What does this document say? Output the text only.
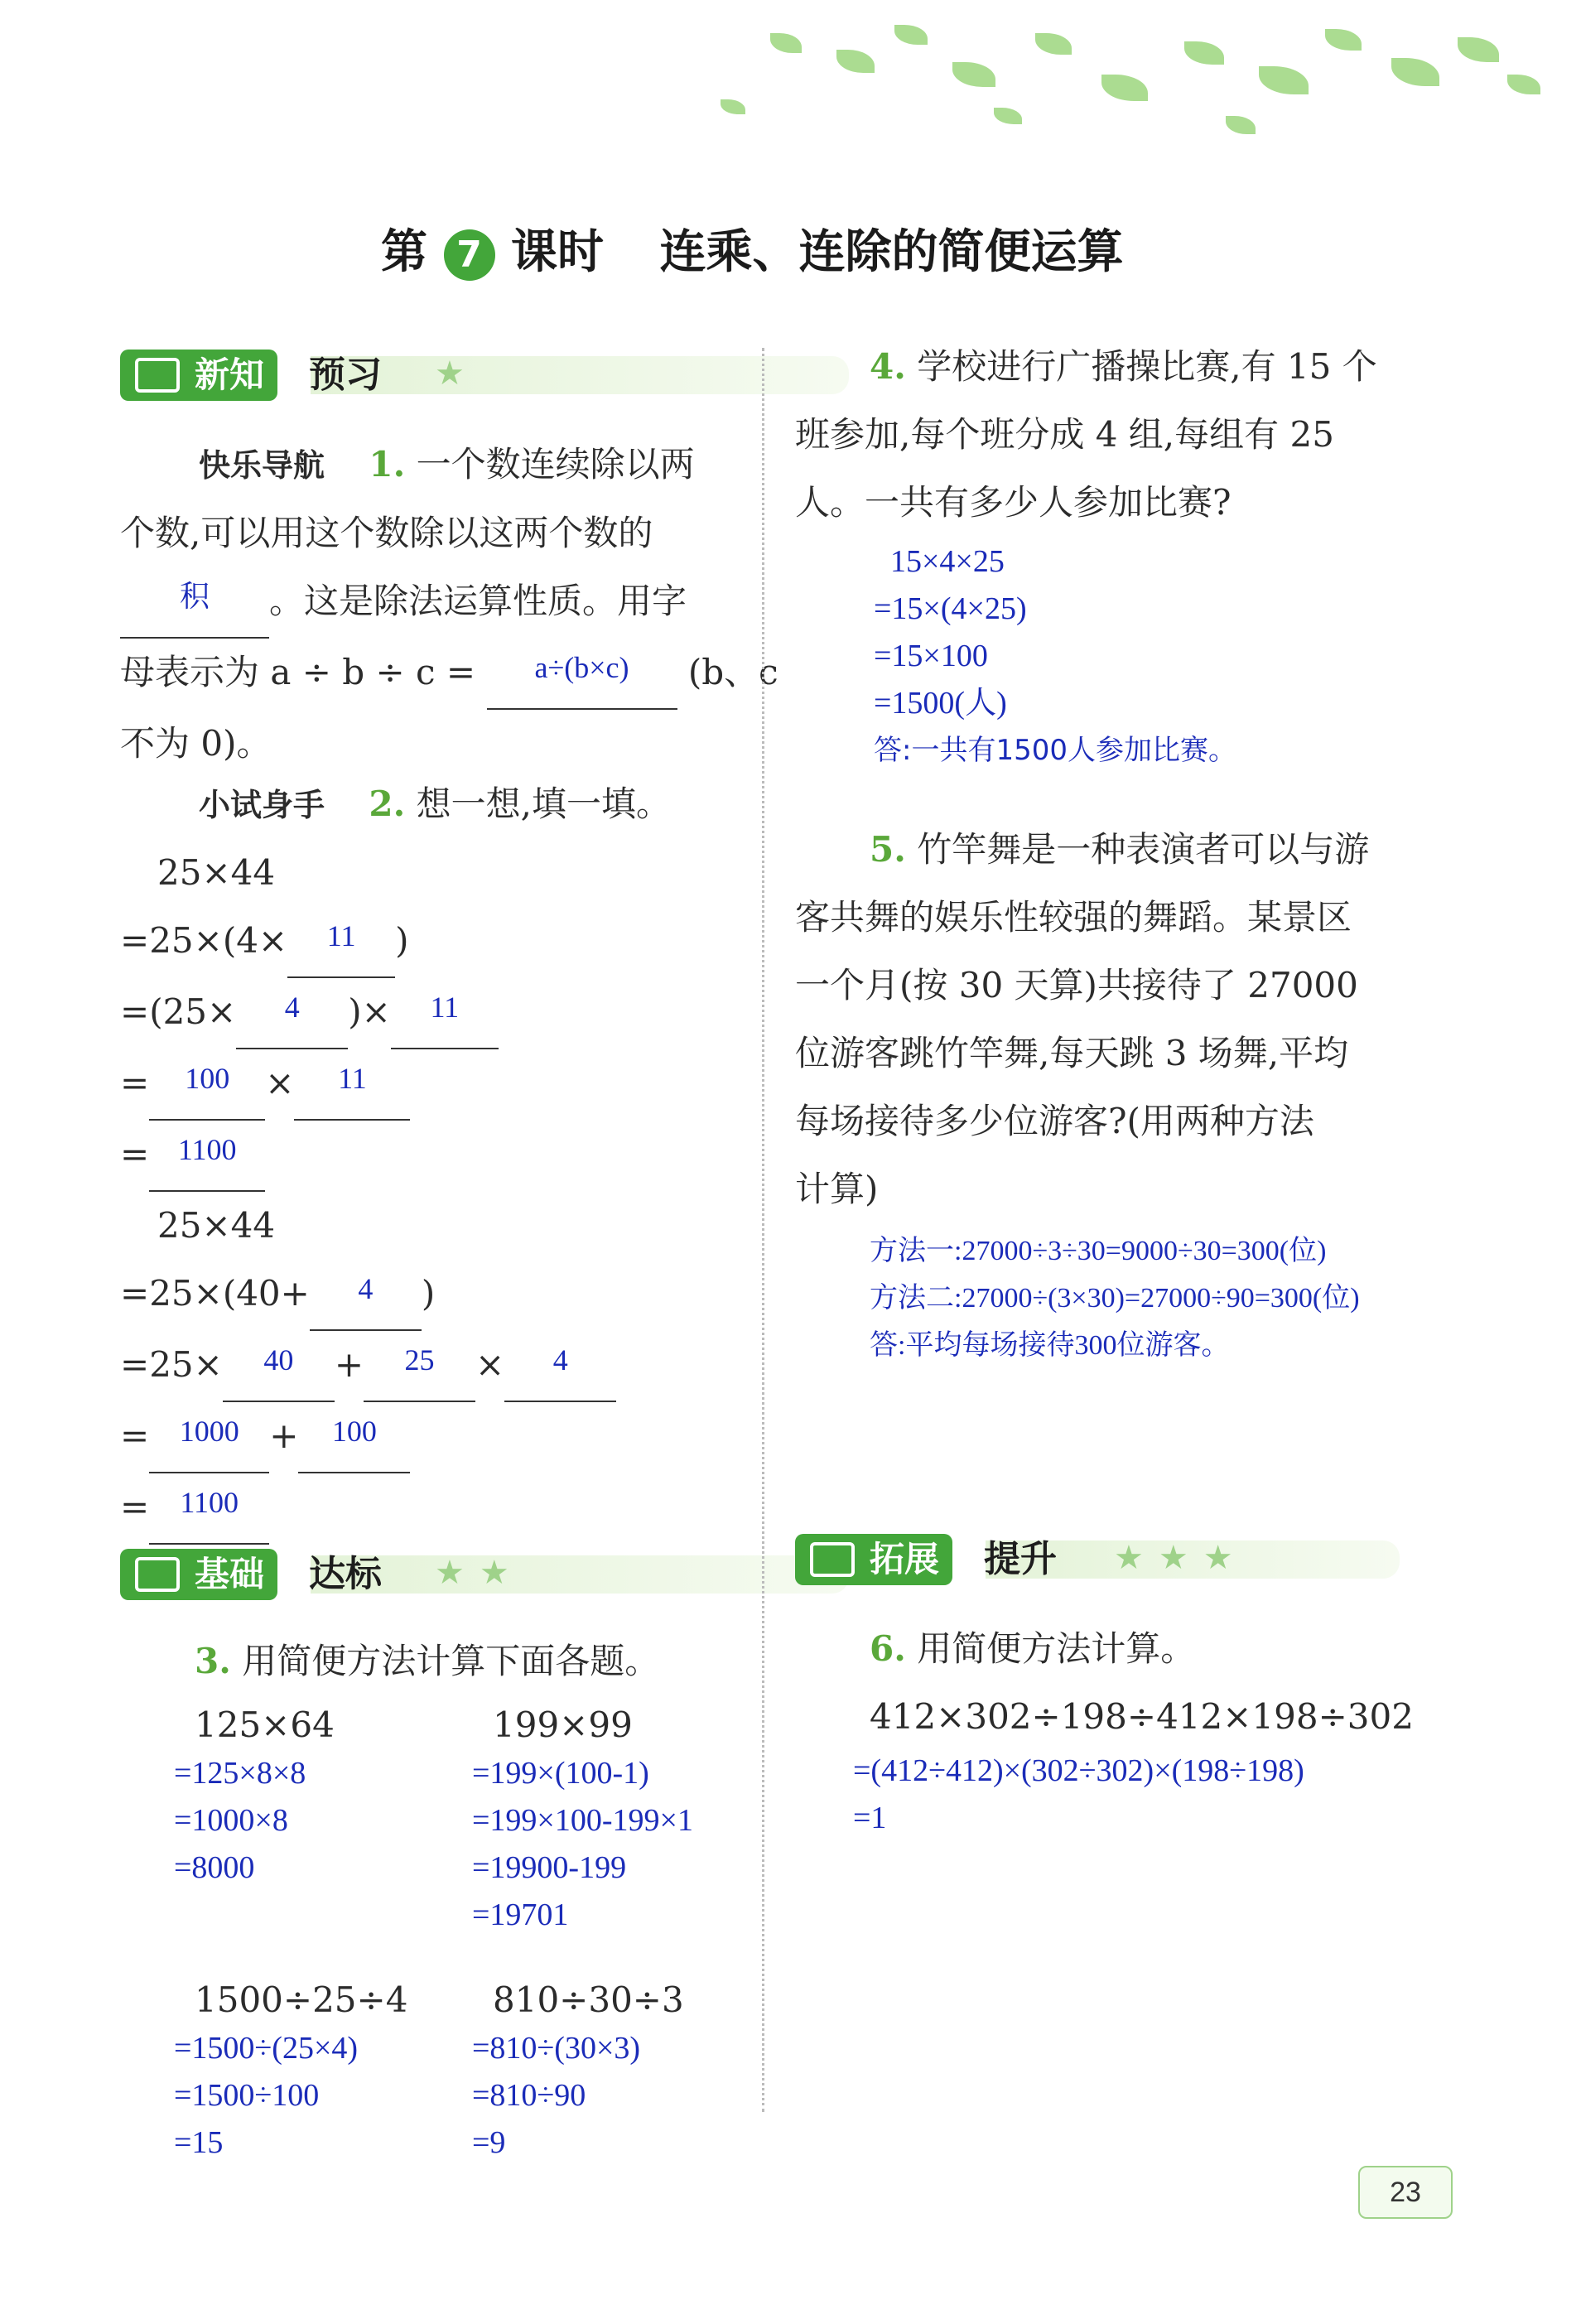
第 7 课时 连乘、连除的简便运算
新知	预习 ★
快乐导航 1. 一个数连续除以两
个数,可以用这个数除以这两个数的
积 。这是除法运算性质。用字
母表示为 a ÷ b ÷ c = a÷(b×c) (b、c
不为 0)。
小试身手 2. 想一想,填一填。
25×44
=25×(4× 11 )
=(25× 4 )× 11
= 100 × 11
= 1100
25×44
=25×(40+ 4 )
=25× 40 + 25 × 4
= 1000 + 100
= 1100
基础	达标 ★★
3. 用简便方法计算下面各题。
125×64
=125×8×8
=1000×8
=8000
199×99
=199×(100-1)
=199×100-199×1
=19900-199
=19701
1500÷25÷4
=1500÷(25×4)
=1500÷100
=15
810÷30÷3
=810÷(30×3)
=810÷90
=9
4. 学校进行广播操比赛,有 15 个
班参加,每个班分成 4 组,每组有 25
人。一共有多少人参加比赛?
15×4×25
=15×(4×25)
=15×100
=1500(人)
答:一共有1500人参加比赛。
5. 竹竿舞是一种表演者可以与游
客共舞的娱乐性较强的舞蹈。某景区
一个月(按 30 天算)共接待了 27000
位游客跳竹竿舞,每天跳 3 场舞,平均
每场接待多少位游客?(用两种方法
计算)
方法一:27000÷3÷30=9000÷30=300(位)
方法二:27000÷(3×30)=27000÷90=300(位)
答:平均每场接待300位游客。
拓展	提升 ★★★
6. 用简便方法计算。
412×302÷198÷412×198÷302
=(412÷412)×(302÷302)×(198÷198)
=1
23
